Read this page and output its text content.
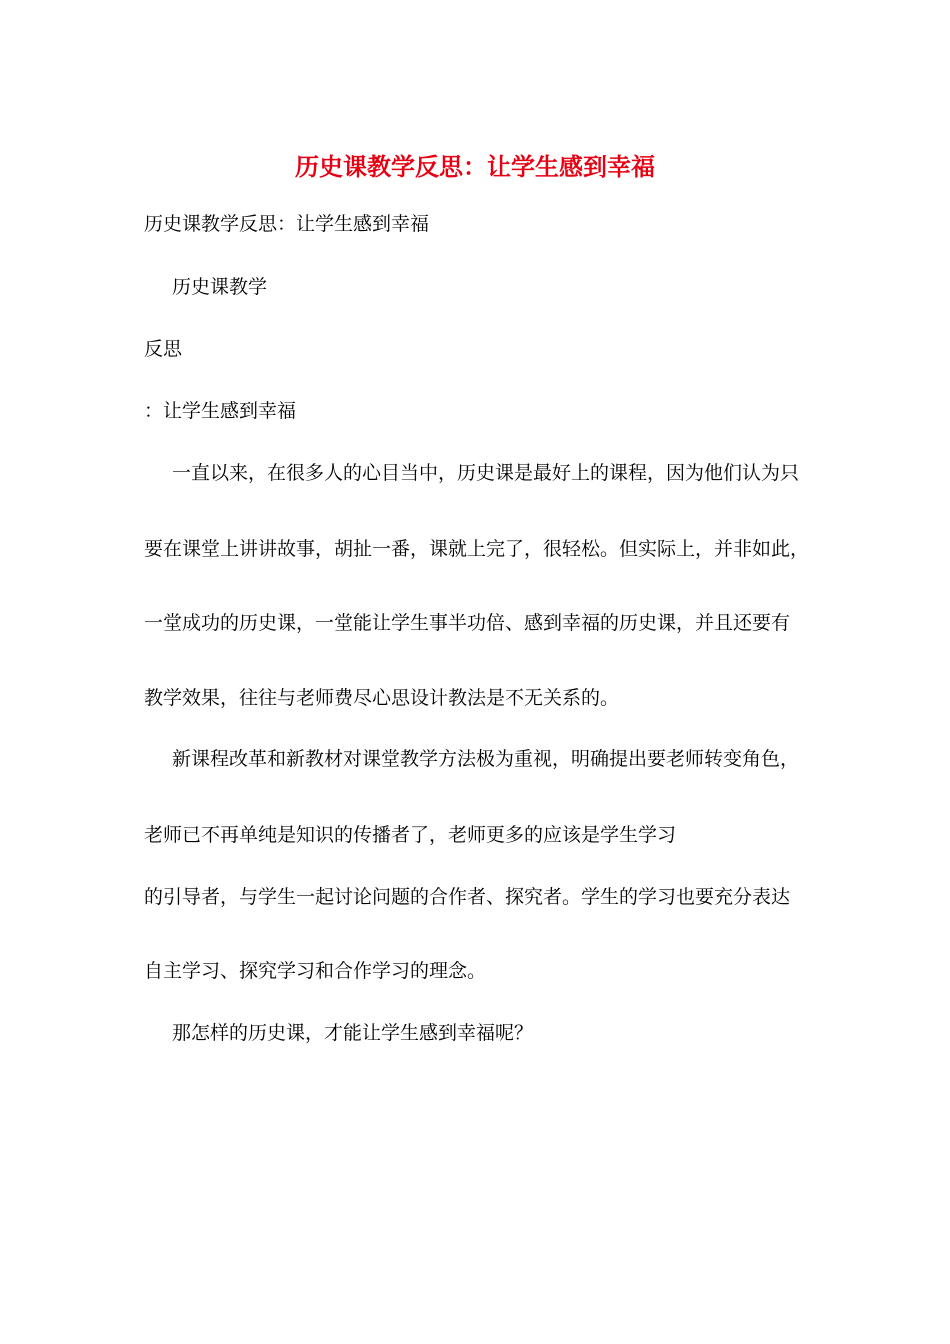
历史课教学反思：让学生感到幸福
历史课教学反思：让学生感到幸福
历史课教学
反思
：让学生感到幸福
一直以来，在很多人的心目当中，历史课是最好上的课程，因为他们认为只
要在课堂上讲讲故事，胡扯一番，课就上完了，很轻松。但实际上，并非如此，
一堂成功的历史课，一堂能让学生事半功倍、感到幸福的历史课，并且还要有
教学效果，往往与老师费尽心思设计教法是不无关系的。
新课程改革和新教材对课堂教学方法极为重视，明确提出要老师转变角色，
老师已不再单纯是知识的传播者了，老师更多的应该是学生学习
的引导者，与学生一起讨论问题的合作者、探究者。学生的学习也要充分表达
自主学习、探究学习和合作学习的理念。
那怎样的历史课，才能让学生感到幸福呢？
